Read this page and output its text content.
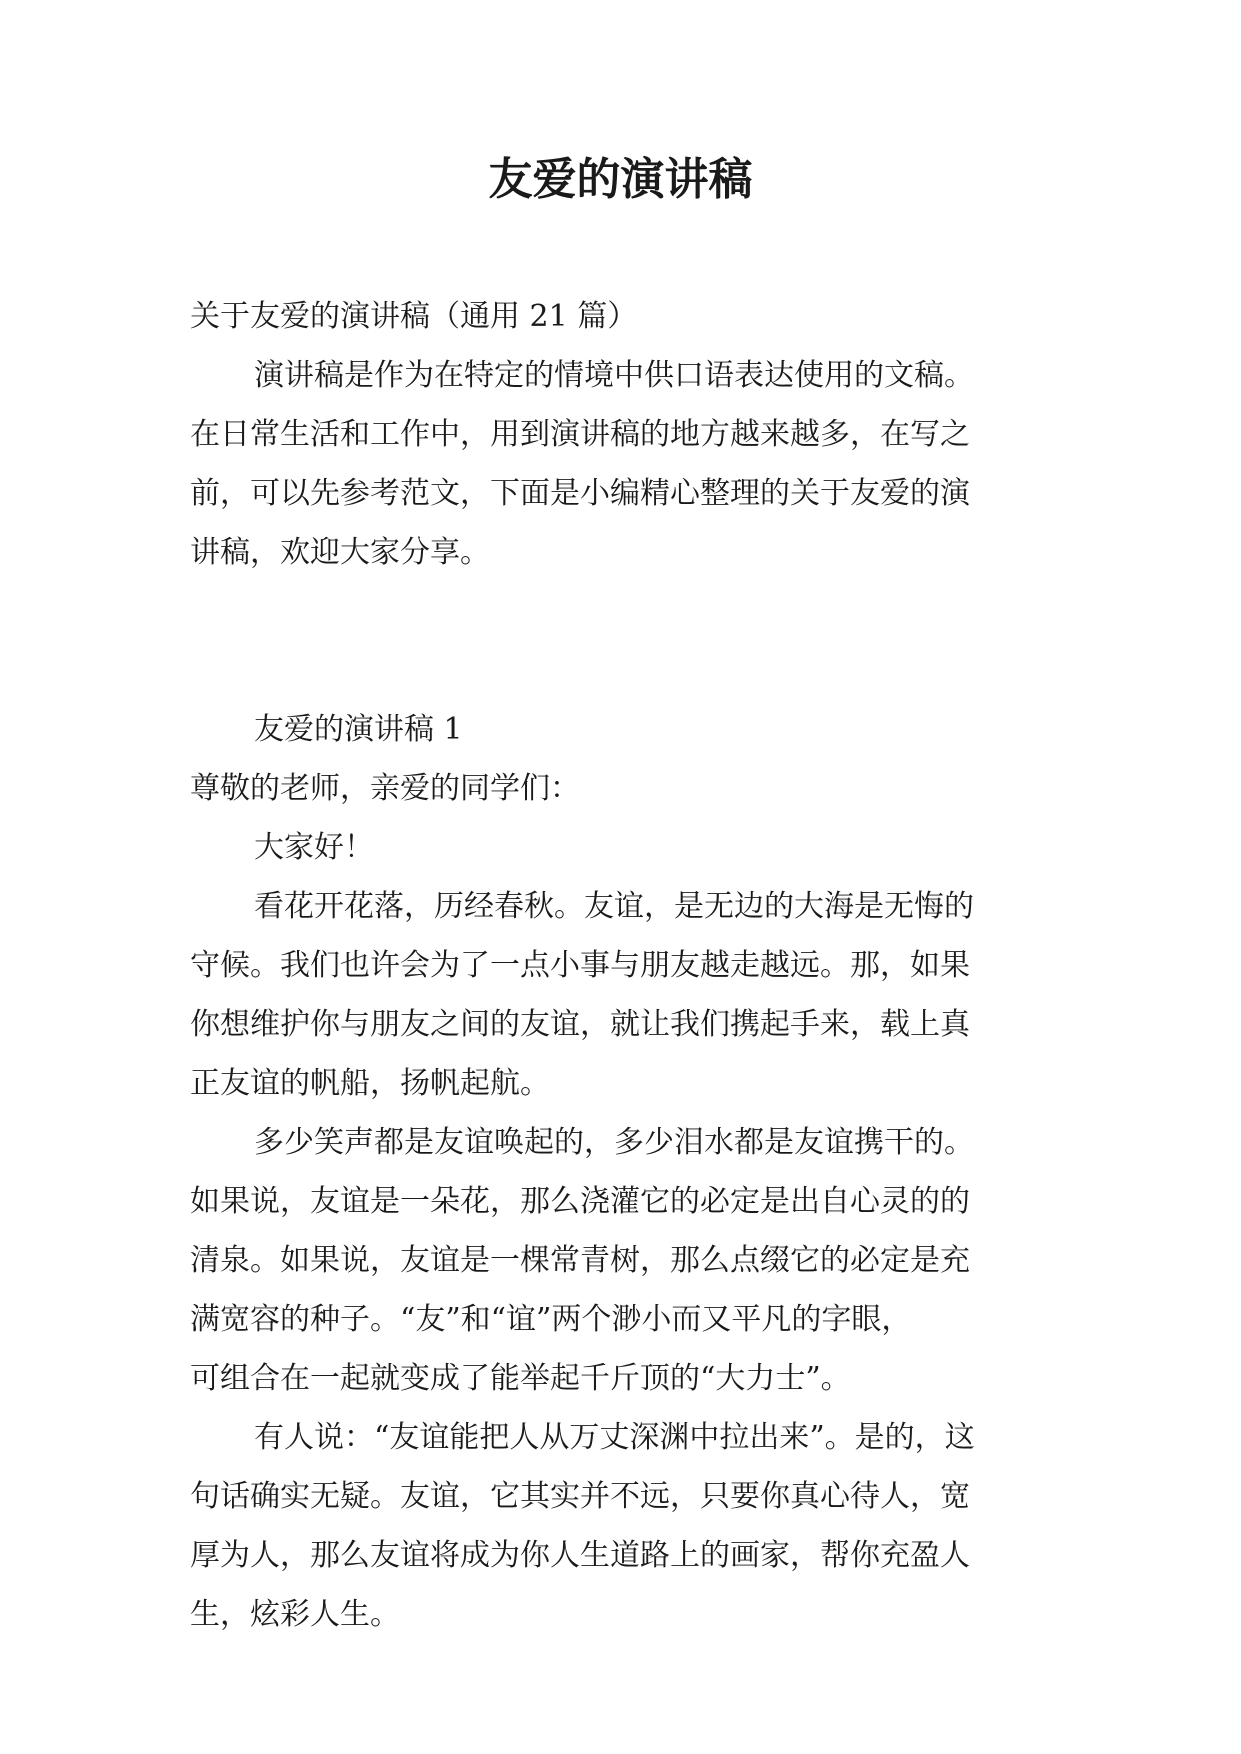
友爱的演讲稿

关于友爱的演讲稿（通用 21 篇）

演讲稿是作为在特定的情境中供口语表达使用的文稿。

在日常生活和工作中，用到演讲稿的地方越来越多，在写之

前，可以先参考范文，下面是小编精心整理的关于友爱的演

讲稿，欢迎大家分享。

友爱的演讲稿 1

尊敬的老师，亲爱的同学们：

大家好！

看花开花落，历经春秋。友谊，是无边的大海是无悔的

守候。我们也许会为了一点小事与朋友越走越远。那，如果

你想维护你与朋友之间的友谊，就让我们携起手来，载上真

正友谊的帆船，扬帆起航。

多少笑声都是友谊唤起的，多少泪水都是友谊携干的。

如果说，友谊是一朵花，那么浇灌它的必定是出自心灵的的

清泉。如果说，友谊是一棵常青树，那么点缀它的必定是充

满宽容的种子。“友”和“谊”两个渺小而又平凡的字眼，

可组合在一起就变成了能举起千斤顶的“大力士”。

有人说：“友谊能把人从万丈深渊中拉出来”。是的，这

句话确实无疑。友谊，它其实并不远，只要你真心待人，宽

厚为人，那么友谊将成为你人生道路上的画家，帮你充盈人

生，炫彩人生。
